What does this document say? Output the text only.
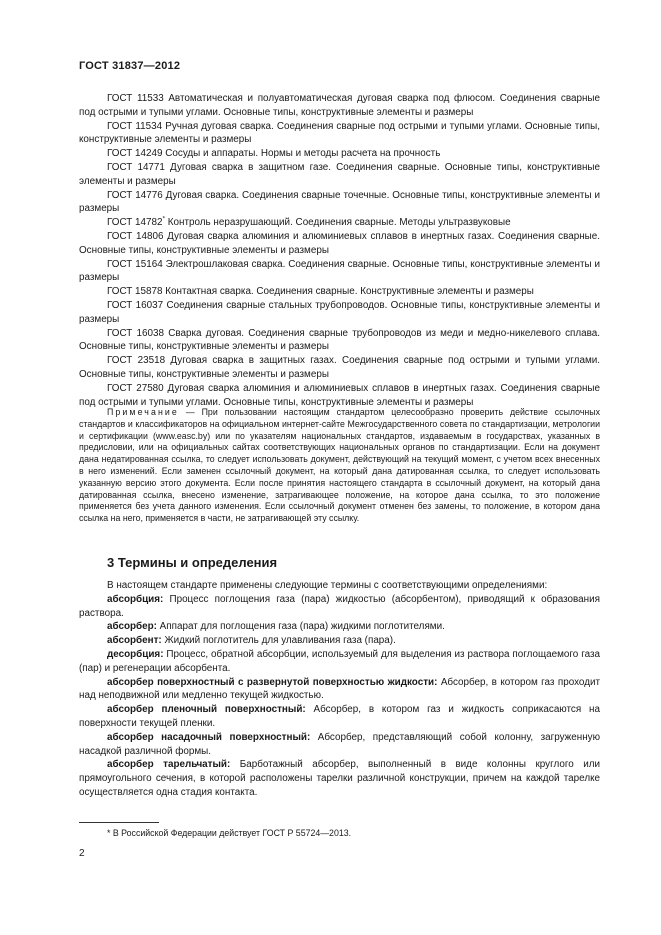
ГОСТ 31837—2012

ГОСТ 11533 Автоматическая и полуавтоматическая дуговая сварка под флюсом. Соединения сварные под острыми и тупыми углами. Основные типы, конструктивные элементы и размеры

ГОСТ 11534 Ручная дуговая сварка. Соединения сварные под острыми и тупыми углами. Основные типы, конструктивные элементы и размеры

ГОСТ 14249 Сосуды и аппараты. Нормы и методы расчета на прочность

ГОСТ 14771 Дуговая сварка в защитном газе. Соединения сварные. Основные типы, конструктивные элементы и размеры

ГОСТ 14776 Дуговая сварка. Соединения сварные точечные. Основные типы, конструктивные элементы и размеры

ГОСТ 14782* Контроль неразрушающий. Соединения сварные. Методы ультразвуковые

ГОСТ 14806 Дуговая сварка алюминия и алюминиевых сплавов в инертных газах. Соединения сварные. Основные типы, конструктивные элементы и размеры

ГОСТ 15164 Электрошлаковая сварка. Соединения сварные. Основные типы, конструктивные элементы и размеры

ГОСТ 15878 Контактная сварка. Соединения сварные. Конструктивные элементы и размеры

ГОСТ 16037 Соединения сварные стальных трубопроводов. Основные типы, конструктивные элементы и размеры

ГОСТ 16038 Сварка дуговая. Соединения сварные трубопроводов из меди и медно-никелевого сплава. Основные типы, конструктивные элементы и размеры

ГОСТ 23518 Дуговая сварка в защитных газах. Соединения сварные под острыми и тупыми углами. Основные типы, конструктивные элементы и размеры

ГОСТ 27580 Дуговая сварка алюминия и алюминиевых сплавов в инертных газах. Соединения сварные под острыми и тупыми углами. Основные типы, конструктивные элементы и размеры

Примечание — При пользовании настоящим стандартом целесообразно проверить действие ссылочных стандартов и классификаторов на официальном интернет-сайте Межгосударственного совета по стандартизации, метрологии и сертификации (www.easc.by) или по указателям национальных стандартов, издаваемым в государствах, указанных в предисловии, или на официальных сайтах соответствующих национальных органов по стандартизации. Если на документ дана недатированная ссылка, то следует использовать документ, действующий на текущий момент, с учетом всех внесенных в него изменений. Если заменен ссылочный документ, на который дана датированная ссылка, то следует использовать указанную версию этого документа. Если после принятия настоящего стандарта в ссылочный документ, на который дана датированная ссылка, внесено изменение, затрагивающее положение, на которое дана ссылка, то это положение применяется без учета данного изменения. Если ссылочный документ отменен без замены, то положение, в котором дана ссылка на него, применяется в части, не затрагивающей эту ссылку.

3 Термины и определения

В настоящем стандарте применены следующие термины с соответствующими определениями:

абсорбция: Процесс поглощения газа (пара) жидкостью (абсорбентом), приводящий к образования раствора.

абсорбер: Аппарат для поглощения газа (пара) жидкими поглотителями.

абсорбент: Жидкий поглотитель для улавливания газа (пара).

десорбция: Процесс, обратной абсорбции, используемый для выделения из раствора поглощаемого газа (пар) и регенерации абсорбента.

абсорбер поверхностный с развернутой поверхностью жидкости: Абсорбер, в котором газ проходит над неподвижной или медленно текущей жидкостью.

абсорбер пленочный поверхностный: Абсорбер, в котором газ и жидкость соприкасаются на поверхности текущей пленки.

абсорбер насадочный поверхностный: Абсорбер, представляющий собой колонну, загруженную насадкой различной формы.

абсорбер тарельчатый: Барботажный абсорбер, выполненный в виде колонны круглого или прямоугольного сечения, в которой расположены тарелки различной конструкции, причем на каждой тарелке осуществляется одна стадия контакта.

* В Российской Федерации действует ГОСТ Р 55724—2013.
2
